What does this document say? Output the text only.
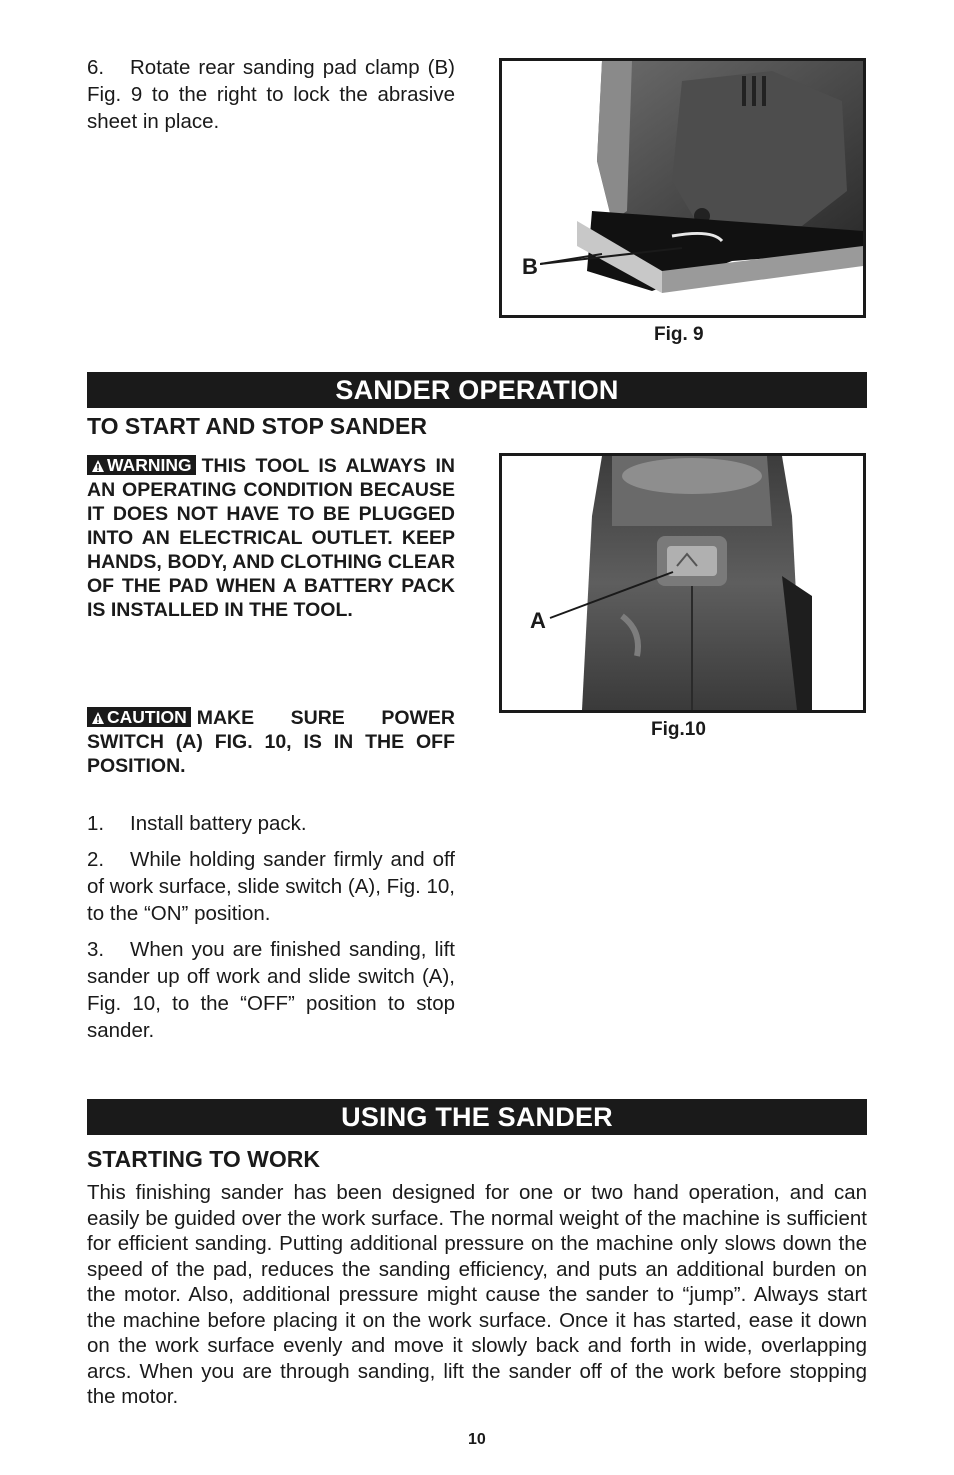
6. Rotate rear sanding pad clamp (B) Fig. 9 to the right to lock the abrasive sheet in place.
B
Fig. 9
SANDER OPERATION
TO START AND STOP SANDER
WARNING THIS TOOL IS ALWAYS IN AN OPERATING CONDITION BECAUSE IT DOES NOT HAVE TO BE PLUGGED INTO AN ELECTRICAL OUTLET. KEEP HANDS, BODY, AND CLOTHING CLEAR OF THE PAD WHEN A BATTERY PACK IS INSTALLED IN THE TOOL.
CAUTION MAKE SURE POWER SWITCH (A) FIG. 10, IS IN THE OFF POSITION.

1. Install battery pack.

2. While holding sander firmly and off of work surface, slide switch (A), Fig. 10, to the “ON” position.

3. When you are finished sanding, lift sander up off work and slide switch (A), Fig. 10, to the “OFF” position to stop sander.

A
Fig.10
USING THE SANDER
STARTING TO WORK
This finishing sander has been designed for one or two hand operation, and can easily be guided over the work surface. The normal weight of the machine is sufficient for efficient sanding. Putting additional pressure on the machine only slows down the speed of the pad, reduces the sanding efficiency, and puts an additional burden on the motor. Also, additional pressure might cause the sander to “jump”. Always start the machine before placing it on the work surface. Once it has started, ease it down on the work surface evenly and move it slowly back and forth in wide, overlapping arcs. When you are through sanding, lift the sander off of the work before stopping the motor.
10
